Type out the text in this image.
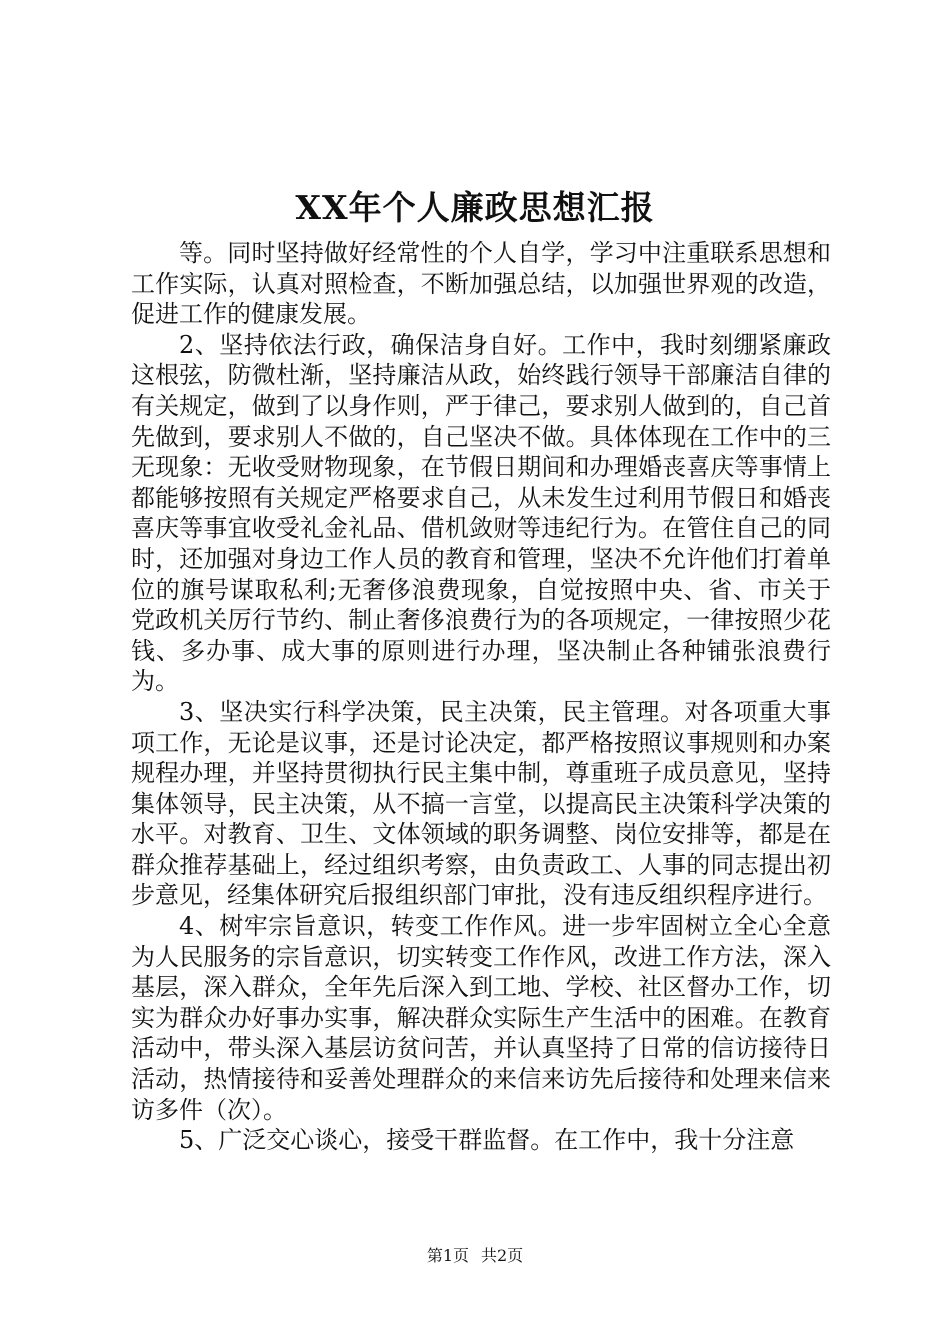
XX年个人廉政思想汇报

等。同时坚持做好经常性的个人自学，学习中注重联系思想和工作实际，认真对照检查，不断加强总结，以加强世界观的改造，促进工作的健康发展。

2、坚持依法行政，确保洁身自好。工作中，我时刻绷紧廉政这根弦，防微杜渐，坚持廉洁从政，始终践行领导干部廉洁自律的有关规定，做到了以身作则，严于律己，要求别人做到的，自己首先做到，要求别人不做的，自己坚决不做。具体体现在工作中的三无现象：无收受财物现象，在节假日期间和办理婚丧喜庆等事情上都能够按照有关规定严格要求自己，从未发生过利用节假日和婚丧喜庆等事宜收受礼金礼品、借机敛财等违纪行为。在管住自己的同时，还加强对身边工作人员的教育和管理，坚决不允许他们打着单位的旗号谋取私利;无奢侈浪费现象，自觉按照中央、省、市关于党政机关厉行节约、制止奢侈浪费行为的各项规定，一律按照少花钱、多办事、成大事的原则进行办理，坚决制止各种铺张浪费行为。

3、坚决实行科学决策，民主决策，民主管理。对各项重大事项工作，无论是议事，还是讨论决定，都严格按照议事规则和办案规程办理，并坚持贯彻执行民主集中制，尊重班子成员意见，坚持集体领导，民主决策，从不搞一言堂，以提高民主决策科学决策的水平。对教育、卫生、文体领域的职务调整、岗位安排等，都是在群众推荐基础上，经过组织考察，由负责政工、人事的同志提出初步意见，经集体研究后报组织部门审批，没有违反组织程序进行。

4、树牢宗旨意识，转变工作作风。进一步牢固树立全心全意为人民服务的宗旨意识，切实转变工作作风，改进工作方法，深入基层，深入群众，全年先后深入到工地、学校、社区督办工作，切实为群众办好事办实事，解决群众实际生产生活中的困难。在教育活动中，带头深入基层访贫问苦，并认真坚持了日常的信访接待日活动，热情接待和妥善处理群众的来信来访先后接待和处理来信来访多件（次）。

5、广泛交心谈心，接受干群监督。在工作中，我十分注意

第1页 共2页
